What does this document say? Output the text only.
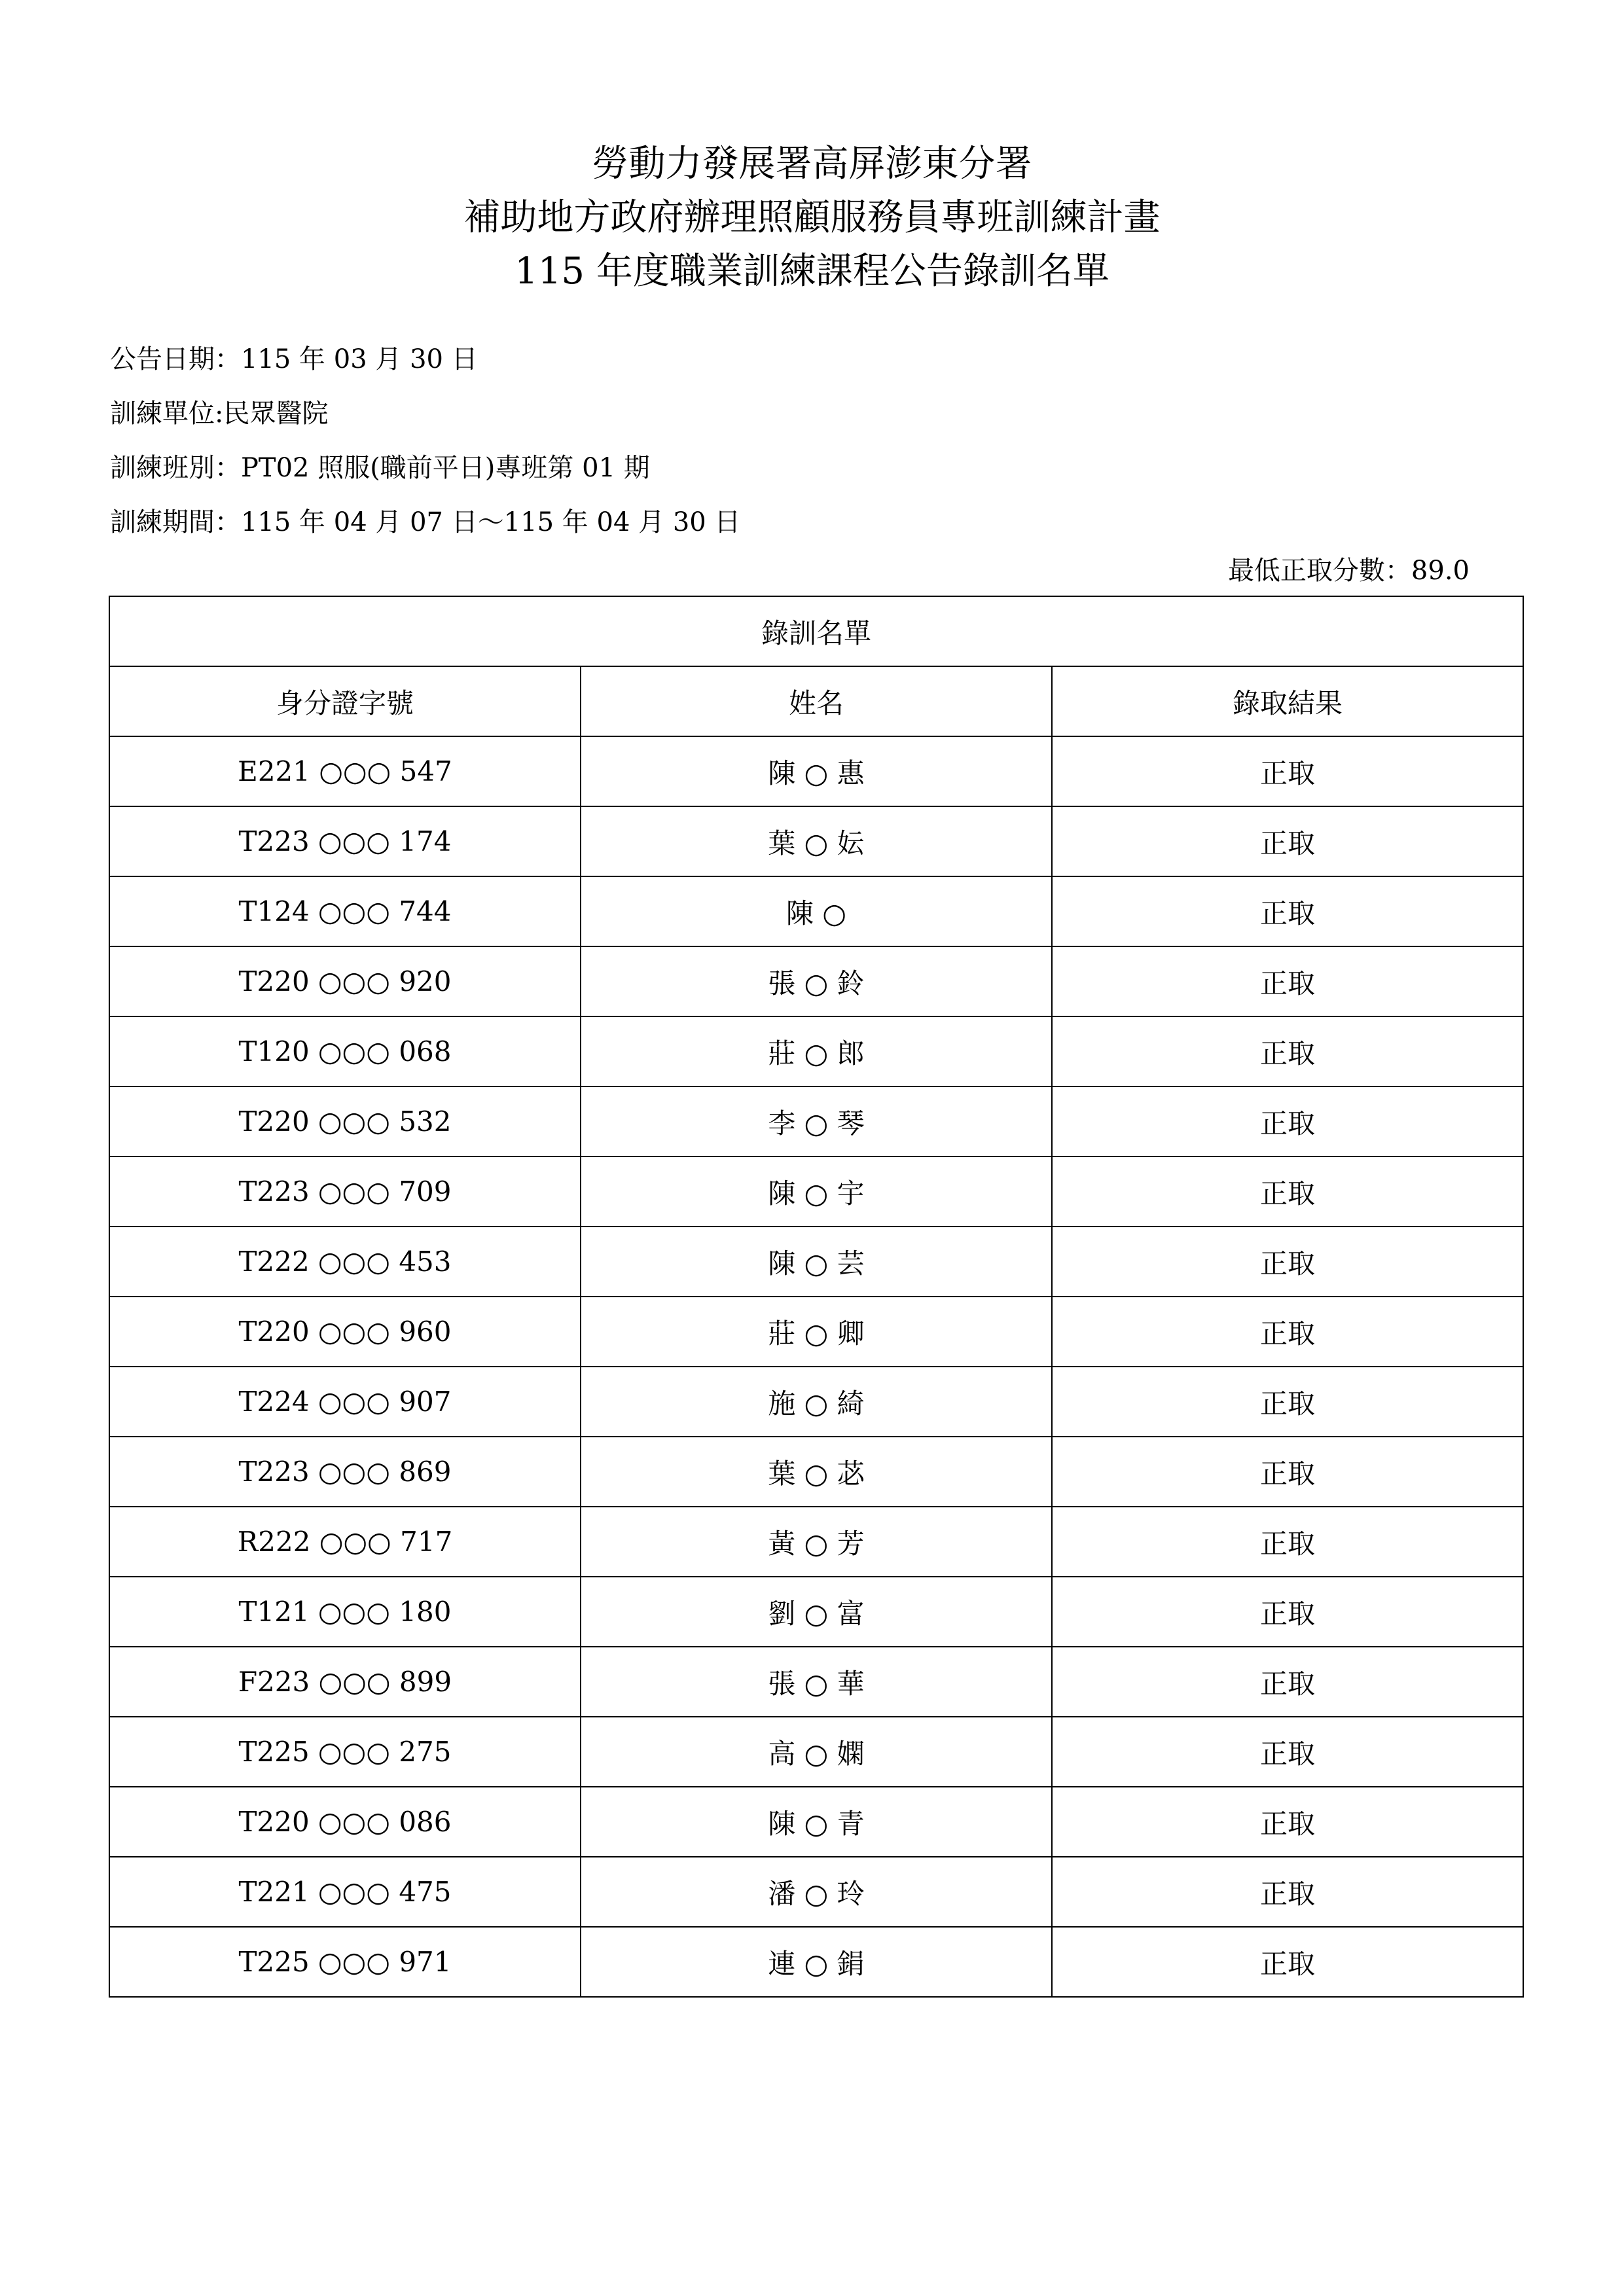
勞動力發展署高屏澎東分署
補助地方政府辦理照顧服務員專班訓練計畫
115 年度職業訓練課程公告錄訓名單
公告日期：115 年 03 月 30 日
訓練單位:民眾醫院
訓練班別：PT02 照服(職前平日)專班第 01 期
訓練期間：115 年 04 月 07 日～115 年 04 月 30 日
最低正取分數：89.0
錄訓名單		
身分證字號	姓名	錄取結果
E221 ○○○ 547	陳 ○ 惠	正取
T223 ○○○ 174	葉 ○ 妘	正取
T124 ○○○ 744	陳 ○	正取
T220 ○○○ 920	張 ○ 鈴	正取
T120 ○○○ 068	莊 ○ 郎	正取
T220 ○○○ 532	李 ○ 琴	正取
T223 ○○○ 709	陳 ○ 宇	正取
T222 ○○○ 453	陳 ○ 芸	正取
T220 ○○○ 960	莊 ○ 卿	正取
T224 ○○○ 907	施 ○ 綺	正取
T223 ○○○ 869	葉 ○ 苾	正取
R222 ○○○ 717	黃 ○ 芳	正取
T121 ○○○ 180	劉 ○ 富	正取
F223 ○○○ 899	張 ○ 華	正取
T225 ○○○ 275	高 ○ 嫻	正取
T220 ○○○ 086	陳 ○ 青	正取
T221 ○○○ 475	潘 ○ 玲	正取
T225 ○○○ 971	連 ○ 鋗	正取
